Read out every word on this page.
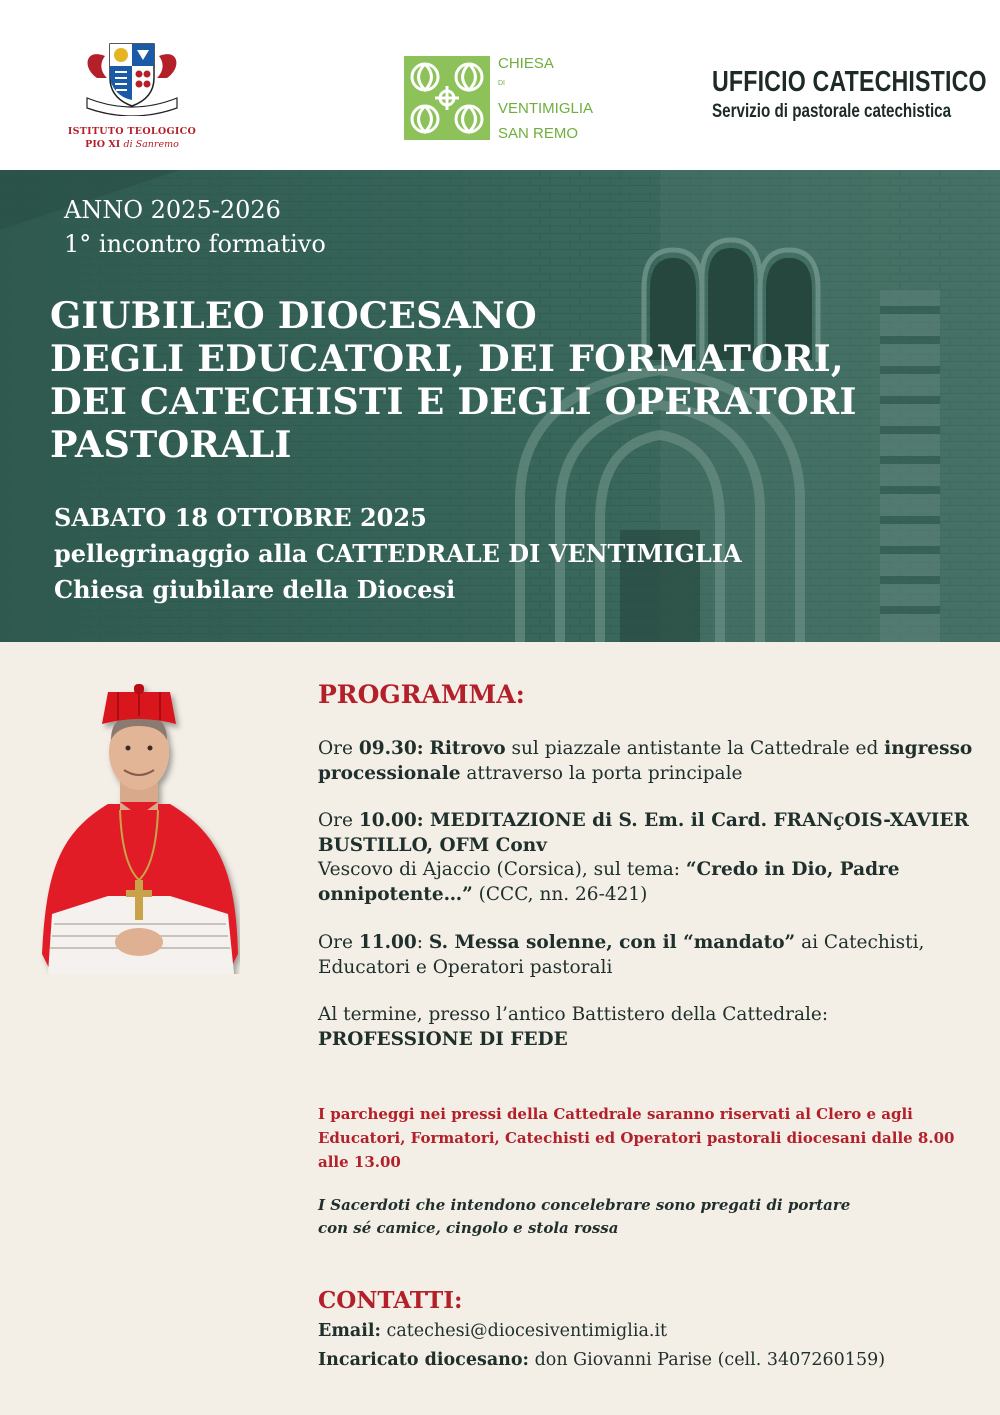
ISTITUTO TEOLOGICO
PIO XI di Sanremo
CHIESA
DI
VENTIMIGLIA
SAN REMO
UFFICIO CATECHISTICO
Servizio di pastorale catechistica
ANNO 2025-2026
1° incontro formativo
GIUBILEO DIOCESANO
DEGLI EDUCATORI, DEI FORMATORI,
DEI CATECHISTI E DEGLI OPERATORI
PASTORALI
SABATO 18 OTTOBRE 2025
pellegrinaggio alla CATTEDRALE DI VENTIMIGLIA
Chiesa giubilare della Diocesi
PROGRAMMA:
Ore 09.30: Ritrovo sul piazzale antistante la Cattedrale ed ingresso processionale attraverso la porta principale
Ore 10.00: MEDITAZIONE di S. Em. il Card. FRANçOIS-XAVIER BUSTILLO, OFM Conv
Vescovo di Ajaccio (Corsica), sul tema: “Credo in Dio, Padre onnipotente…” (CCC, nn. 26-421)
Ore 11.00: S. Messa solenne, con il “mandato” ai Catechisti, Educatori e Operatori pastorali
Al termine, presso l’antico Battistero della Cattedrale:
PROFESSIONE DI FEDE
I parcheggi nei pressi della Cattedrale saranno riservati al Clero e agli Educatori, Formatori, Catechisti ed Operatori pastorali diocesani dalle 8.00 alle 13.00
I Sacerdoti che intendono concelebrare sono pregati di portare
con sé camice, cingolo e stola rossa
CONTATTI:
Email: catechesi@diocesiventimiglia.it
Incaricato diocesano: don Giovanni Parise (cell. 3407260159)
